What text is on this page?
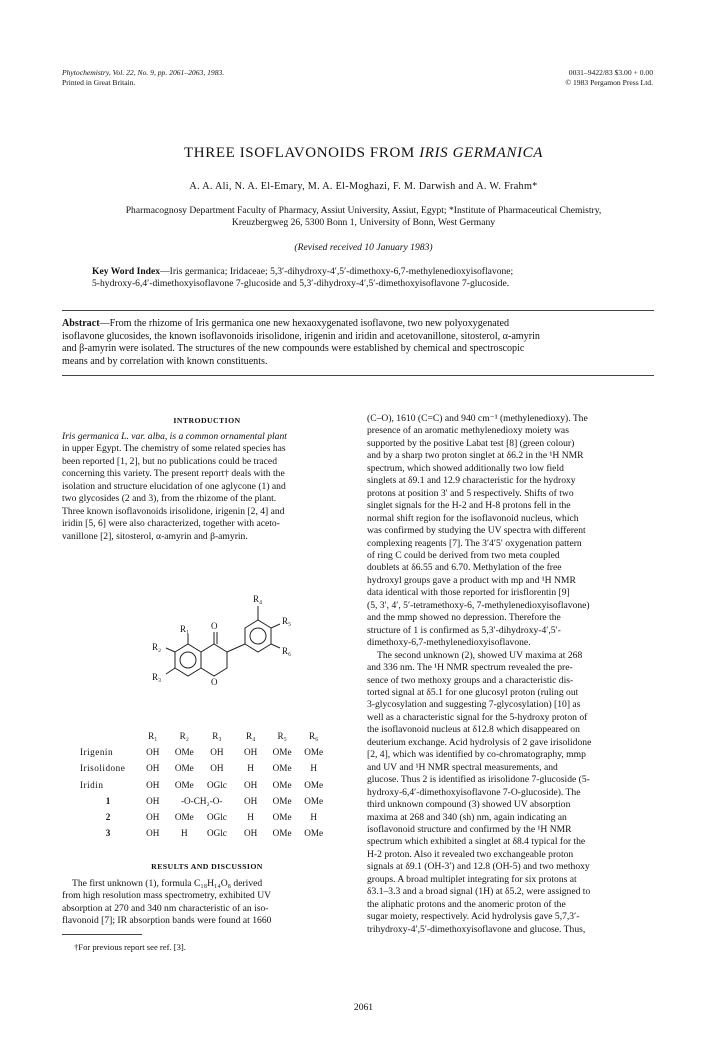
Phytochemistry, Vol. 22, No. 9, pp. 2061–2063, 1983.
Printed in Great Britain.
0031–9422/83 $3.00 + 0.00
© 1983 Pergamon Press Ltd.
THREE ISOFLAVONOIDS FROM IRIS GERMANICA
A. A. Ali, N. A. El-Emary, M. A. El-Moghazi, F. M. Darwish and A. W. Frahm*
Pharmacognosy Department Faculty of Pharmacy, Assiut University, Assiut, Egypt; *Institute of Pharmaceutical Chemistry,
Kreuzbergweg 26, 5300 Bonn 1, University of Bonn, West Germany
(Revised received 10 January 1983)
Key Word Index—Iris germanica; Iridaceae; 5,3′-dihydroxy-4′,5′-dimethoxy-6,7-methylenedioxyisoflavone;
5-hydroxy-6,4′-dimethoxyisoflavone 7-glucoside and 5,3′-dihydroxy-4′,5′-dimethoxyisoflavone 7-glucoside.
Abstract—From the rhizome of Iris germanica one new hexaoxygenated isoflavone, two new polyoxygenated
isoflavone glucosides, the known isoflavonoids irisolidone, irigenin and iridin and acetovanillone, sitosterol, α-amyrin
and β-amyrin were isolated. The structures of the new compounds were established by chemical and spectroscopic
means and by correlation with known constituents.
INTRODUCTION
Iris germanica L. var. alba, is a common ornamental plant
in upper Egypt. The chemistry of some related species has
been reported [1, 2], but no publications could be traced
concerning this variety. The present report† deals with the
isolation and structure elucidation of one aglycone (1) and
two glycosides (2 and 3), from the rhizome of the plant.
Three known isoflavonoids irisolidone, irigenin [2, 4] and
iridin [5, 6] were also characterized, together with aceto-
vanillone [2], sitosterol, α-amyrin and β-amyrin.
R₄
R₅
R₆
R₁ O
R₂
R₃	O
	R₁	R₂	R₃	R₄	R₅	R₆
Irigenin	OH	OMe	OH	OH	OMe	OMe
Irisolidone	OH	OMe	OH	H	OMe	H
Iridin	OH	OMe	OGlc	OH	OMe	OMe
1	OH	-O-CH₂-O-		OH	OMe	OMe
2	OH	OMe	OGlc	H	OMe	H
3	OH	H	OGlc	OH	OMe	OMe
RESULTS AND DISCUSSION
The first unknown (1), formula C₁₈H₁₄O₈ derived
from high resolution mass spectrometry, exhibited UV
absorption at 270 and 340 nm characteristic of an iso-
flavonoid [7]; IR absorption bands were found at 1660
†For previous report see ref. [3].
(C–O), 1610 (C=C) and 940 cm⁻¹ (methylenedioxy). The
presence of an aromatic methylenedioxy moiety was
supported by the positive Labat test [8] (green colour)
and by a sharp two proton singlet at δ6.2 in the ¹H NMR
spectrum, which showed additionally two low field
singlets at δ9.1 and 12.9 characteristic for the hydroxy
protons at position 3′ and 5 respectively. Shifts of two
singlet signals for the H-2 and H-8 protons fell in the
normal shift region for the isoflavonoid nucleus, which
was confirmed by studying the UV spectra with different
complexing reagents [7]. The 3′4′5′ oxygenation pattern
of ring C could be derived from two meta coupled
doublets at δ6.55 and 6.70. Methylation of the free
hydroxyl groups gave a product with mp and ¹H NMR
data identical with those reported for irisflorentin [9]
(5, 3′, 4′, 5′-tetramethoxy-6, 7-methylenedioxyisoflavone)
and the mmp showed no depression. Therefore the
structure of 1 is confirmed as 5,3′-dihydroxy-4′,5′-
dimethoxy-6,7-methylenedioxyisoflavone.
The second unknown (2), showed UV maxima at 268
and 336 nm. The ¹H NMR spectrum revealed the pre-
sence of two methoxy groups and a characteristic dis-
torted signal at δ5.1 for one glucosyl proton (ruling out
3-glycosylation and suggesting 7-glycosylation) [10] as
well as a characteristic signal for the 5-hydroxy proton of
the isoflavonoid nucleus at δ12.8 which disappeared on
deuterium exchange. Acid hydrolysis of 2 gave irisolidone
[2, 4], which was identified by co-chromatography, mmp
and UV and ¹H NMR spectral measurements, and
glucose. Thus 2 is identified as irisolidone 7-glucoside (5-
hydroxy-6,4′-dimethoxyisoflavone 7-O-glucoside). The
third unknown compound (3) showed UV absorption
maxima at 268 and 340 (sh) nm, again indicating an
isoflavonoid structure and confirmed by the ¹H NMR
spectrum which exhibited a singlet at δ8.4 typical for the
H-2 proton. Also it revealed two exchangeable proton
signals at δ9.1 (OH-3′) and 12.8 (OH-5) and two methoxy
groups. A broad multiplet integrating for six protons at
δ3.1–3.3 and a broad signal (1H) at δ5.2, were assigned to
the aliphatic protons and the anomeric proton of the
sugar moiety, respectively. Acid hydrolysis gave 5,7,3′-
trihydroxy-4′,5′-dimethoxyisoflavone and glucose. Thus,
2061
